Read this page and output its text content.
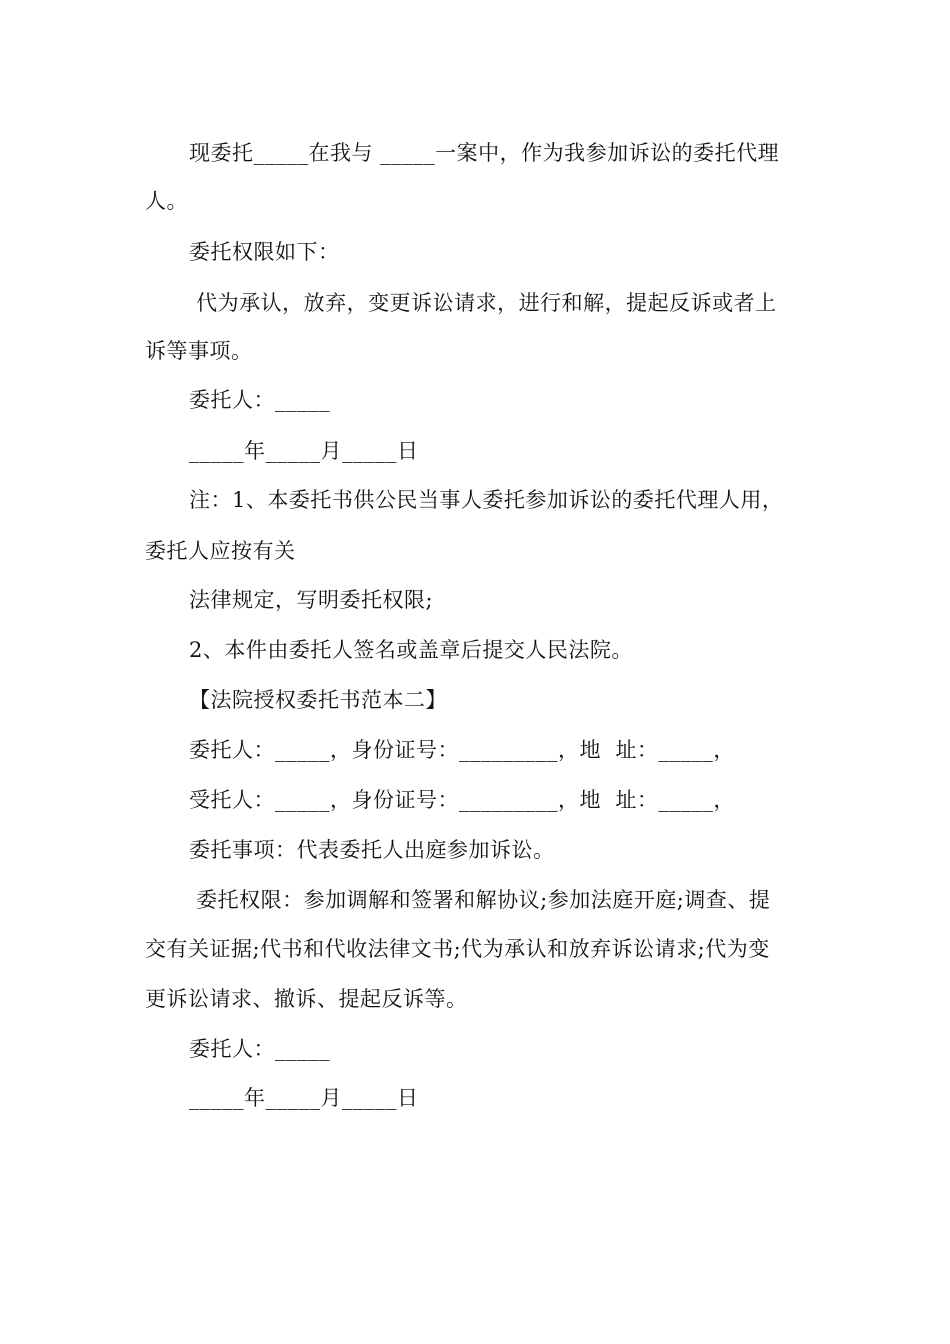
现委托_____在我与 _____一案中，作为我参加诉讼的委托代理
人。
委托权限如下：
代为承认，放弃，变更诉讼请求，进行和解，提起反诉或者上
诉等事项。
委托人：_____
_____年_____月_____日
注：1、本委托书供公民当事人委托参加诉讼的委托代理人用，
委托人应按有关
法律规定，写明委托权限;
2、本件由委托人签名或盖章后提交人民法院。
【法院授权委托书范本二】
委托人：_____，身份证号：_________，地  址：_____，
受托人：_____，身份证号：_________，地  址：_____，
委托事项：代表委托人出庭参加诉讼。
委托权限：参加调解和签署和解协议;参加法庭开庭;调查、提
交有关证据;代书和代收法律文书;代为承认和放弃诉讼请求;代为变
更诉讼请求、撤诉、提起反诉等。
委托人：_____
_____年_____月_____日
